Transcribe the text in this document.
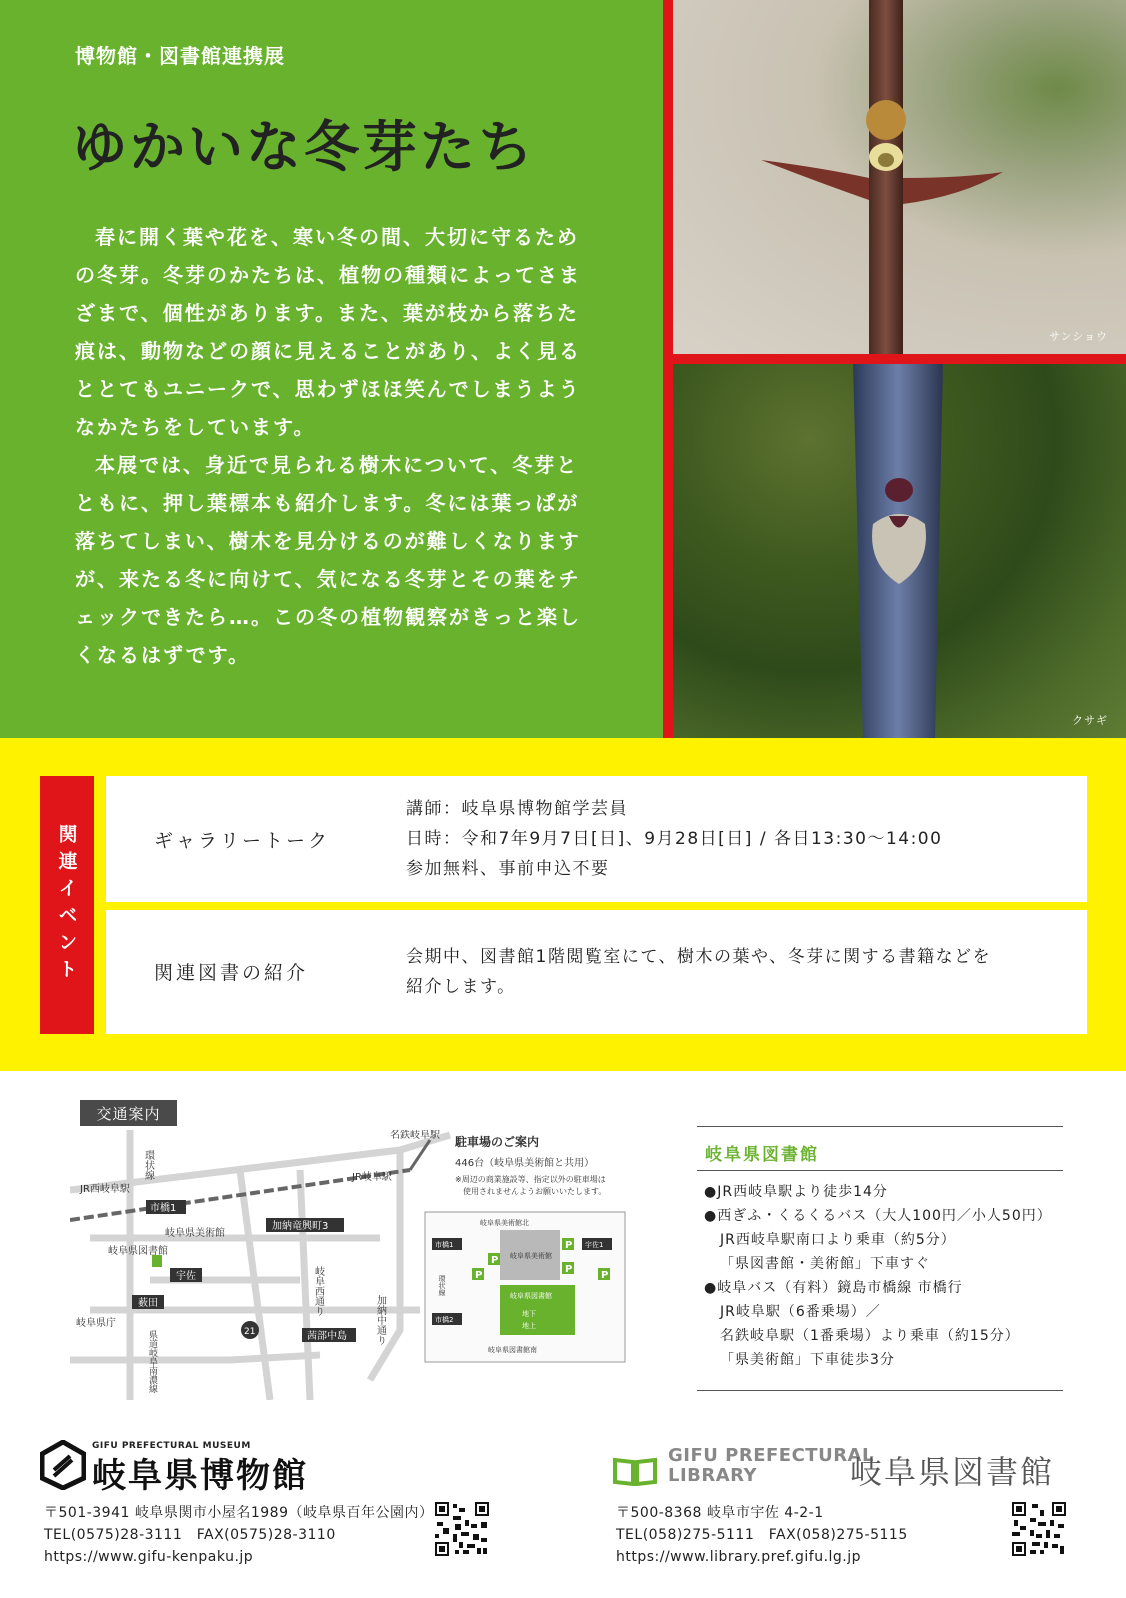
博物館・図書館連携展
ゆかいな冬芽たち

春に開く葉や花を、寒い冬の間、大切に守るための冬芽。冬芽のかたちは、植物の種類によってさまざまで、個性があります。また、葉が枝から落ちた痕は、動物などの顔に見えることがあり、よく見るととてもユニークで、思わずほほ笑んでしまうようなかたちをしています。

本展では、身近で見られる樹木について、冬芽とともに、押し葉標本も紹介します。冬には葉っぱが落ちてしまい、樹木を見分けるのが難しくなりますが、来たる冬に向けて、気になる冬芽とその葉をチェックできたら…。この冬の植物観察がきっと楽しくなるはずです。

サンショウ
クサギ
関連イベント	ギャラリートーク
講師：岐阜県博物館学芸員
日時：令和7年9月7日[日]、9月28日[日] / 各日13:30〜14:00
参加無料、事前申込不要
関連図書の紹介
会期中、図書館1階閲覧室にて、樹木の葉や、冬芽に関する書籍などを
紹介します。
交通案内
名鉄岐阜駅 駐車場のご案内
446台（岐阜県美術館と共用）
※周辺の商業施設等、指定以外の駐車場は
使用されませんようお願いいたします。
JR西岐阜駅
JR岐阜駅
環状線
市橋1
岐阜県美術館
岐阜県図書館
宇佐
薮田
岐阜県庁
県道岐阜南濃線
加納竜興町3
岐阜西通り
加納中通り
茜部中島
21
市橋1
市橋2
宇佐1
岐阜県美術館北
岐阜県美術館
岐阜県図書館
岐阜県図書館南
環状線
地下
地上
P
P
P
P
P
岐阜県図書館
●JR西岐阜駅より徒歩14分
●西ぎふ・くるくるバス（大人100円／小人50円）
JR西岐阜駅南口より乗車（約5分）
「県図書館・美術館」下車すぐ
●岐阜バス（有料）鏡島市橋線 市橋行
JR岐阜駅（6番乗場）／
名鉄岐阜駅（1番乗場）より乗車（約15分）
「県美術館」下車徒歩3分
GIFU PREFECTURAL MUSEUM
岐阜県博物館
〒501-3941 岐阜県関市小屋名1989（岐阜県百年公園内）
TEL(0575)28-3111　FAX(0575)28-3110
https://www.gifu-kenpaku.jp
GIFU PREFECTURAL
LIBRARY	岐阜県図書館
〒500-8368 岐阜市宇佐 4-2-1
TEL(058)275-5111　FAX(058)275-5115
https://www.library.pref.gifu.lg.jp
